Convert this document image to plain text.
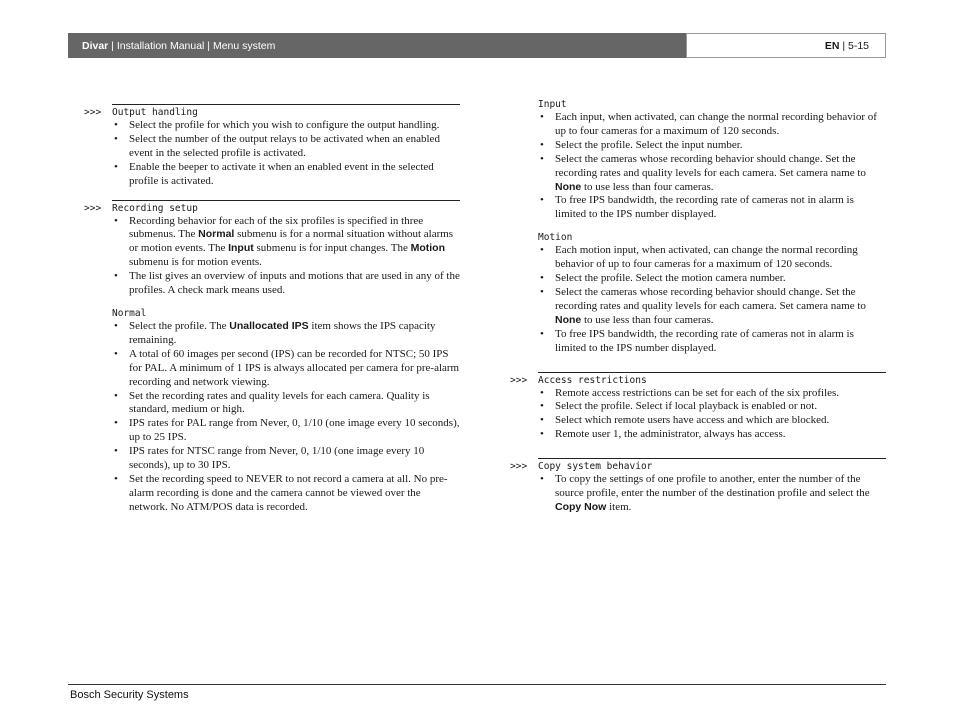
Divar | Installation Manual | Menu system	EN | 5-15
>>> Output handling
• Select the profile for which you wish to configure the output handling.
• Select the number of the output relays to be activated when an enabled event in the selected profile is activated.
• Enable the beeper to activate it when an enabled event in the selected profile is activated.
>>> Recording setup
• Recording behavior for each of the six profiles is specified in three submenus. The Normal submenu is for a normal situation without alarms or motion events. The Input submenu is for input changes. The Motion submenu is for motion events.
• The list gives an overview of inputs and motions that are used in any of the profiles. A check mark means used.
Normal
• Select the profile. The Unallocated IPS item shows the IPS capacity remaining.
• A total of 60 images per second (IPS) can be recorded for NTSC; 50 IPS for PAL. A minimum of 1 IPS is always allocated per camera for pre-alarm recording and network viewing.
• Set the recording rates and quality levels for each camera. Quality is standard, medium or high.
• IPS rates for PAL range from Never, 0, 1/10 (one image every 10 seconds), up to 25 IPS.
• IPS rates for NTSC range from Never, 0, 1/10 (one image every 10 seconds), up to 30 IPS.
• Set the recording speed to NEVER to not record a camera at all. No pre-alarm recording is done and the camera cannot be viewed over the network. No ATM/POS data is recorded.
Input
• Each input, when activated, can change the normal recording behavior of up to four cameras for a maximum of 120 seconds.
• Select the profile. Select the input number.
• Select the cameras whose recording behavior should change. Set the recording rates and quality levels for each camera. Set camera name to None to use less than four cameras.
• To free IPS bandwidth, the recording rate of cameras not in alarm is limited to the IPS number displayed.
Motion
• Each motion input, when activated, can change the normal recording behavior of up to four cameras for a maximum of 120 seconds.
• Select the profile. Select the motion camera number.
• Select the cameras whose recording behavior should change. Set the recording rates and quality levels for each camera. Set camera name to None to use less than four cameras.
• To free IPS bandwidth, the recording rate of cameras not in alarm is limited to the IPS number displayed.
>>> Access restrictions
• Remote access restrictions can be set for each of the six profiles.
• Select the profile. Select if local playback is enabled or not.
• Select which remote users have access and which are blocked.
• Remote user 1, the administrator, always has access.
>>> Copy system behavior
• To copy the settings of one profile to another, enter the number of the source profile, enter the number of the destination profile and select the Copy Now item.
Bosch Security Systems
